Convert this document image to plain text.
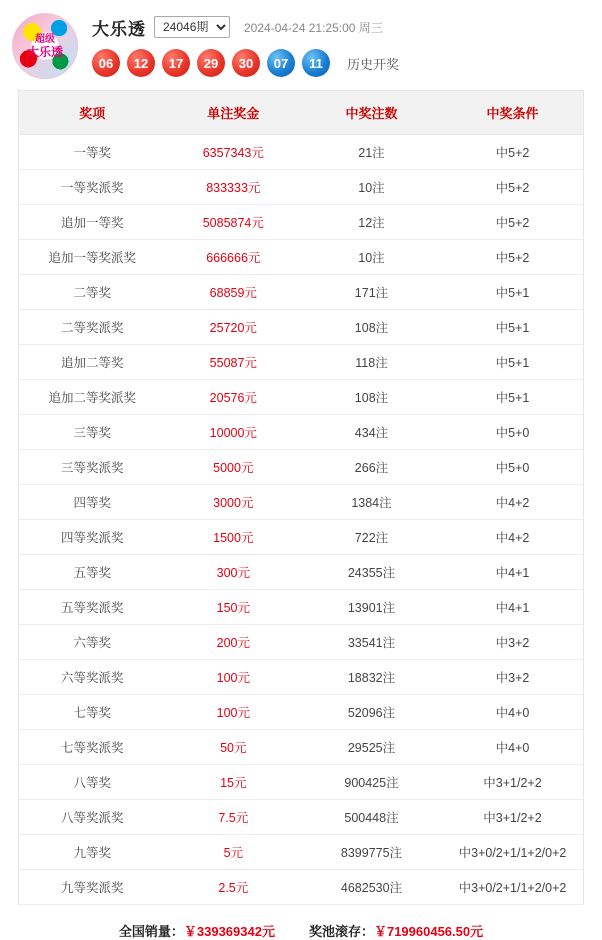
超级
大乐透
大乐透
24046期	2024-04-24 21:25:00 周三
06	12	17	29	30	07	11	历史开奖
奖项	单注奖金	中奖注数	中奖条件
一等奖	6357343元	21注	中5+2
一等奖派奖	833333元	10注	中5+2
追加一等奖	5085874元	12注	中5+2
追加一等奖派奖	666666元	10注	中5+2
二等奖	68859元	171注	中5+1
二等奖派奖	25720元	108注	中5+1
追加二等奖	55087元	118注	中5+1
追加二等奖派奖	20576元	108注	中5+1
三等奖	10000元	434注	中5+0
三等奖派奖	5000元	266注	中5+0
四等奖	3000元	1384注	中4+2
四等奖派奖	1500元	722注	中4+2
五等奖	300元	24355注	中4+1
五等奖派奖	150元	13901注	中4+1
六等奖	200元	33541注	中3+2
六等奖派奖	100元	18832注	中3+2
七等奖	100元	52096注	中4+0
七等奖派奖	50元	29525注	中4+0
八等奖	15元	900425注	中3+1/2+2
八等奖派奖	7.5元	500448注	中3+1/2+2
九等奖	5元	8399775注	中3+0/2+1/1+2/0+2
九等奖派奖	2.5元	4682530注	中3+0/2+1/1+2/0+2
全国销量：￥339369342元	奖池滚存：￥719960456.50元
